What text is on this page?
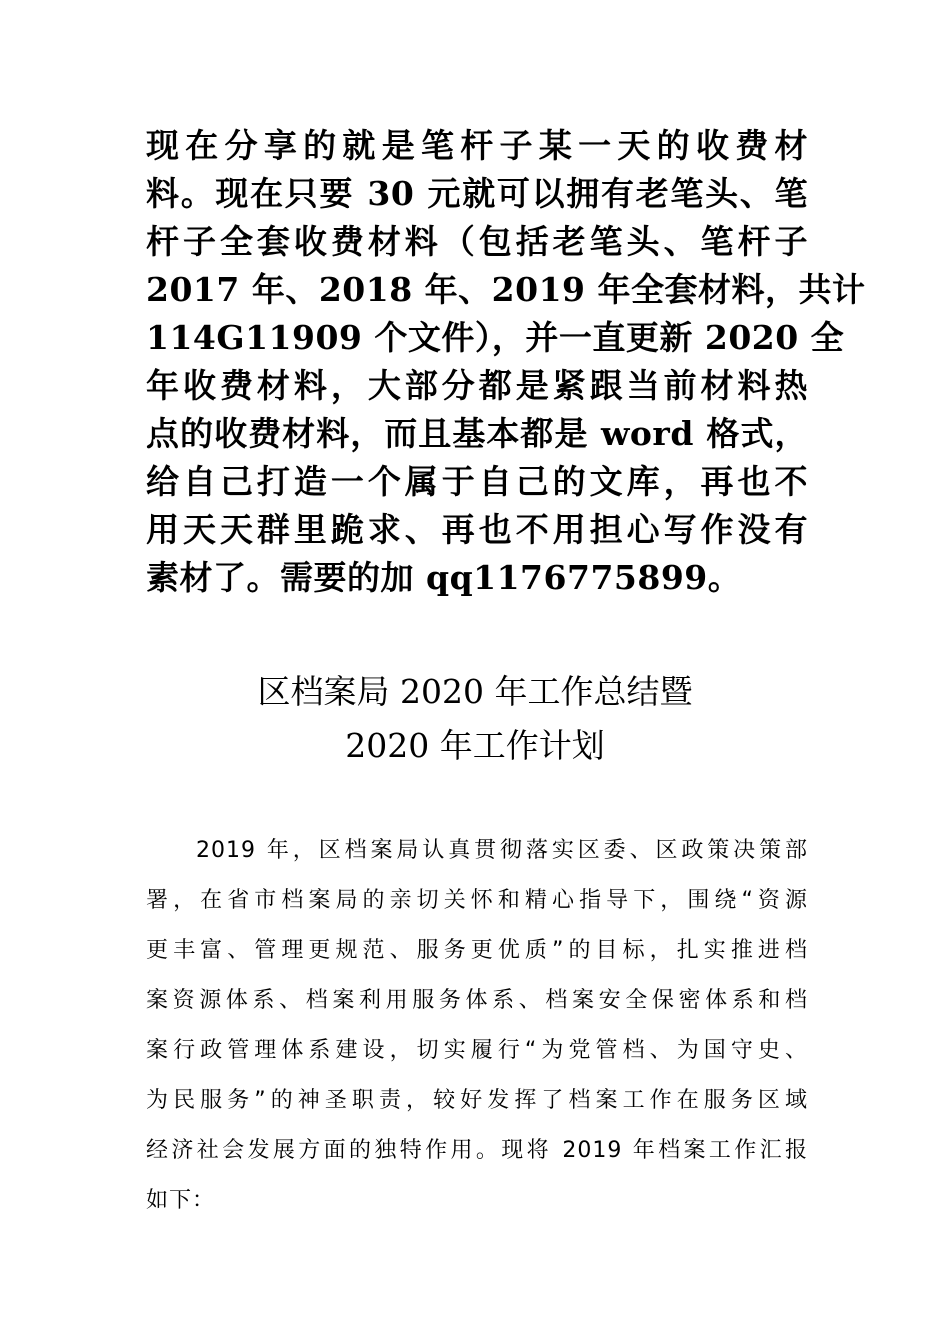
现在分享的就是笔杆子某一天的收费材
料。现在只要 30 元就可以拥有老笔头、笔
杆子全套收费材料（包括老笔头、笔杆子
2017 年、2018 年、2019 年全套材料，共计
114G11909 个文件），并一直更新 2020 全
年收费材料，大部分都是紧跟当前材料热
点的收费材料，而且基本都是 word 格式，
给自己打造一个属于自己的文库，再也不
用天天群里跪求、再也不用担心写作没有
素材了。需要的加 qq1176775899。
区档案局 2020 年工作总结暨
2020 年工作计划
2019 年，区档案局认真贯彻落实区委、区政策决策部
署，在省市档案局的亲切关怀和精心指导下，围绕“资源
更丰富、管理更规范、服务更优质”的目标，扎实推进档
案资源体系、档案利用服务体系、档案安全保密体系和档
案行政管理体系建设，切实履行“为党管档、为国守史、
为民服务”的神圣职责，较好发挥了档案工作在服务区域
经济社会发展方面的独特作用。现将 2019 年档案工作汇报
如下：
